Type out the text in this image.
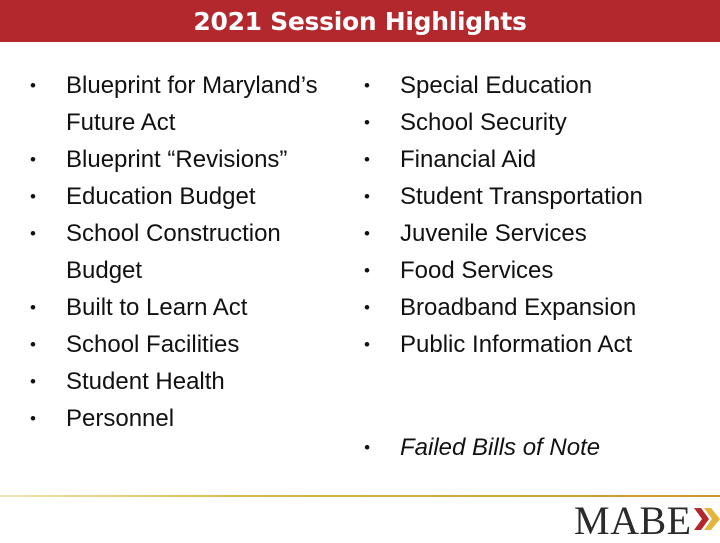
2021 Session Highlights
• Blueprint for Maryland’s Future Act
• Blueprint “Revisions”
• Education Budget
• School Construction Budget
• Built to Learn Act
• School Facilities
• Student Health
• Personnel
• Special Education
• School Security
• Financial Aid
• Student Transportation
• Juvenile Services
• Food Services
• Broadband Expansion
• Public Information Act
• Failed Bills of Note
MABE
